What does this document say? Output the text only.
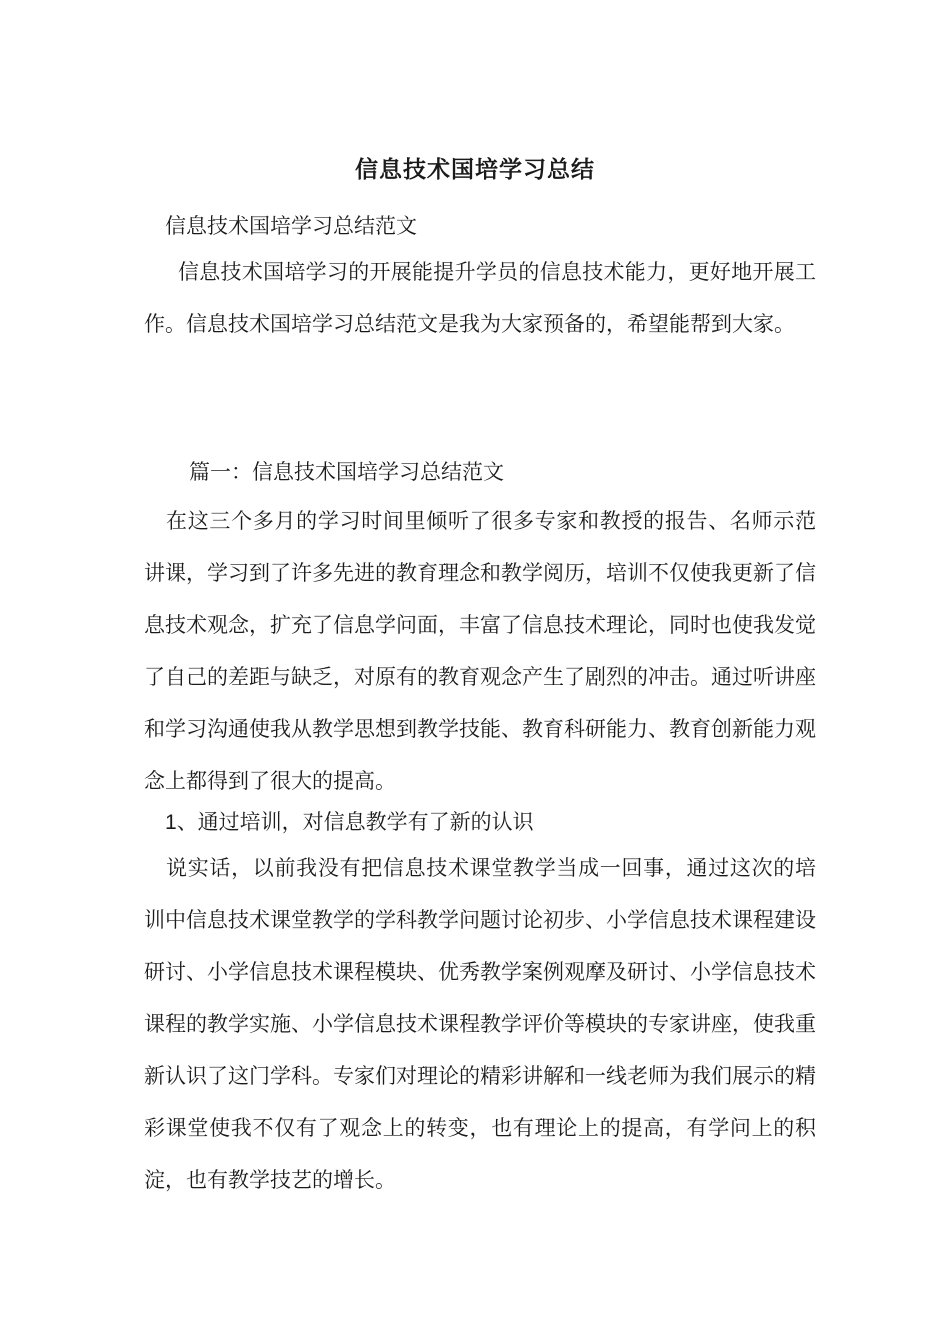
信息技术国培学习总结
信息技术国培学习总结范文

信息技术国培学习的开展能提升学员的信息技术能力，更好地开展工作。信息技术国培学习总结范文是我为大家预备的，希望能帮到大家。

篇一：信息技术国培学习总结范文

在这三个多月的学习时间里倾听了很多专家和教授的报告、名师示范讲课，学习到了许多先进的教育理念和教学阅历，培训不仅使我更新了信息技术观念，扩充了信息学问面，丰富了信息技术理论，同时也使我发觉了自己的差距与缺乏，对原有的教育观念产生了剧烈的冲击。通过听讲座和学习沟通使我从教学思想到教学技能、教育科研能力、教育创新能力观念上都得到了很大的提高。

1、通过培训，对信息教学有了新的认识

说实话，以前我没有把信息技术课堂教学当成一回事，通过这次的培训中信息技术课堂教学的学科教学问题讨论初步、小学信息技术课程建设研讨、小学信息技术课程模块、优秀教学案例观摩及研讨、小学信息技术课程的教学实施、小学信息技术课程教学评价等模块的专家讲座，使我重新认识了这门学科。专家们对理论的精彩讲解和一线老师为我们展示的精彩课堂使我不仅有了观念上的转变，也有理论上的提高，有学问上的积淀，也有教学技艺的增长。
